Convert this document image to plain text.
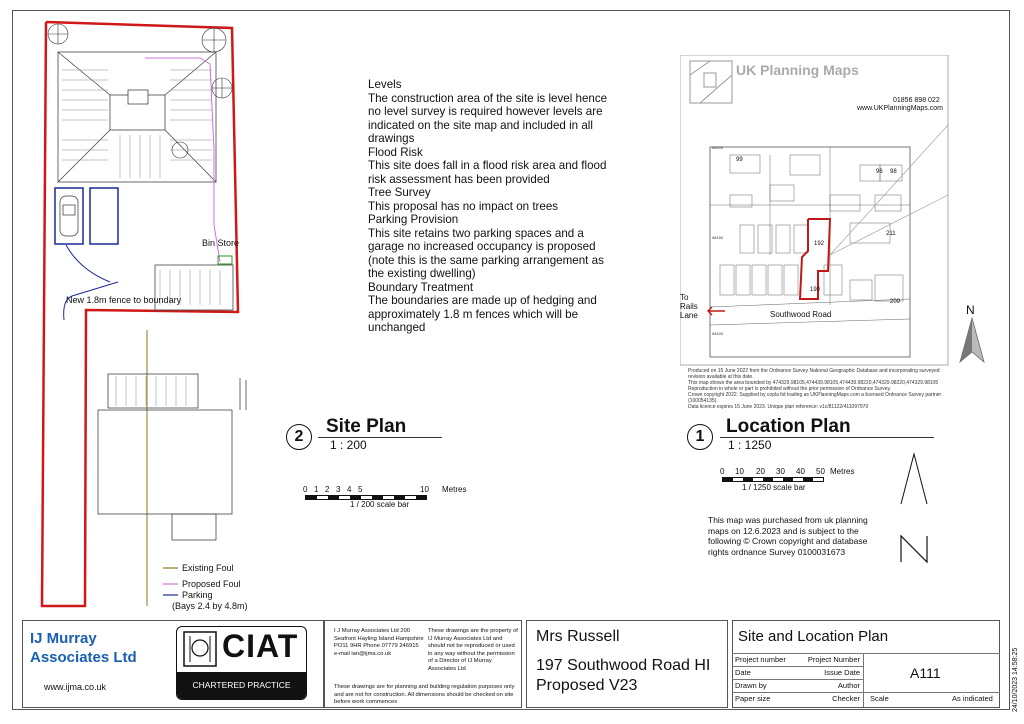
Bin Store
New 1.8m fence to boundary
Existing Foul
Proposed Foul
Parking
(Bays 2.4 by 4.8m)
Levels
The construction area of the site is level hence no level survey is required however levels are indicated on the site map and included in all drawings
Flood Risk
This site does fall in a flood risk area and flood risk assessment has been provided
Tree Survey
This proposal has no impact on trees
Parking Provision
This site retains two parking spaces and a garage no increased occupancy is proposed (note this is the same parking arrangement as the existing dwelling)
Boundary Treatment
The boundaries are made up of hedging and approximately 1.8 m fences which will be unchanged
2	Site Plan
1 : 200
0 1 2 3 4 5	10 Metres
1 / 200 scale bar
UK Planning Maps
192
190
99
96 98
211
209
Southwood Road
98200
98150
98100
01856 898 022
www.UKPlanningMaps.com
To Rails Lane
Produced on 15 June 2022 from the Ordnance Survey National Geographic Database and incorporating surveyed revision available at this date.
This map shows the area bounded by 474329.98105,474439.98105,474439.98220,474329.98220,474329.98105
Reproduction in whole or part is prohibited without the prior permission of Ordnance Survey.
Crown copyright 2022. Supplied by copla ltd trading as UKPlanningMaps.com a licensed Ordnance Survey partner (100054135).
Data licence expires 15 June 2023. Unique plan reference: v1c/81122/411097970
N
1	Location Plan
1 : 1250
0 10 20 30 40 50 Metres
1 / 1250 scale bar
This map was purchased from uk planning maps on 12.6.2023 and is subject to the following © Crown copyright and database rights ordnance Survey 0100031673
IJ Murray Associates Ltd
www.ijma.co.uk
CIAT
CHARTERED PRACTICE
I J Murray Associates Ltd 200 Seafront Hayling Island Hampshire PO11 9HR Phone 07779 246915 e-mail ian@ijma.co.uk
These drawings are the property of IJ Murray Associates Ltd and should not be reproduced or used in any way without the permission of a Director of IJ Murray Associates Ltd
These drawings are for planning and building regulation purposes only and are not for construction. All dimensions should be checked on site before work commences
Mrs Russell
197 Southwood Road HI
Proposed V23
Site and Location Plan
Project number	Project Number
Date	Issue Date
Drawn by	Author
Paper size	Checker
A111
Scale	As indicated	24/10/2023 14:58:25
